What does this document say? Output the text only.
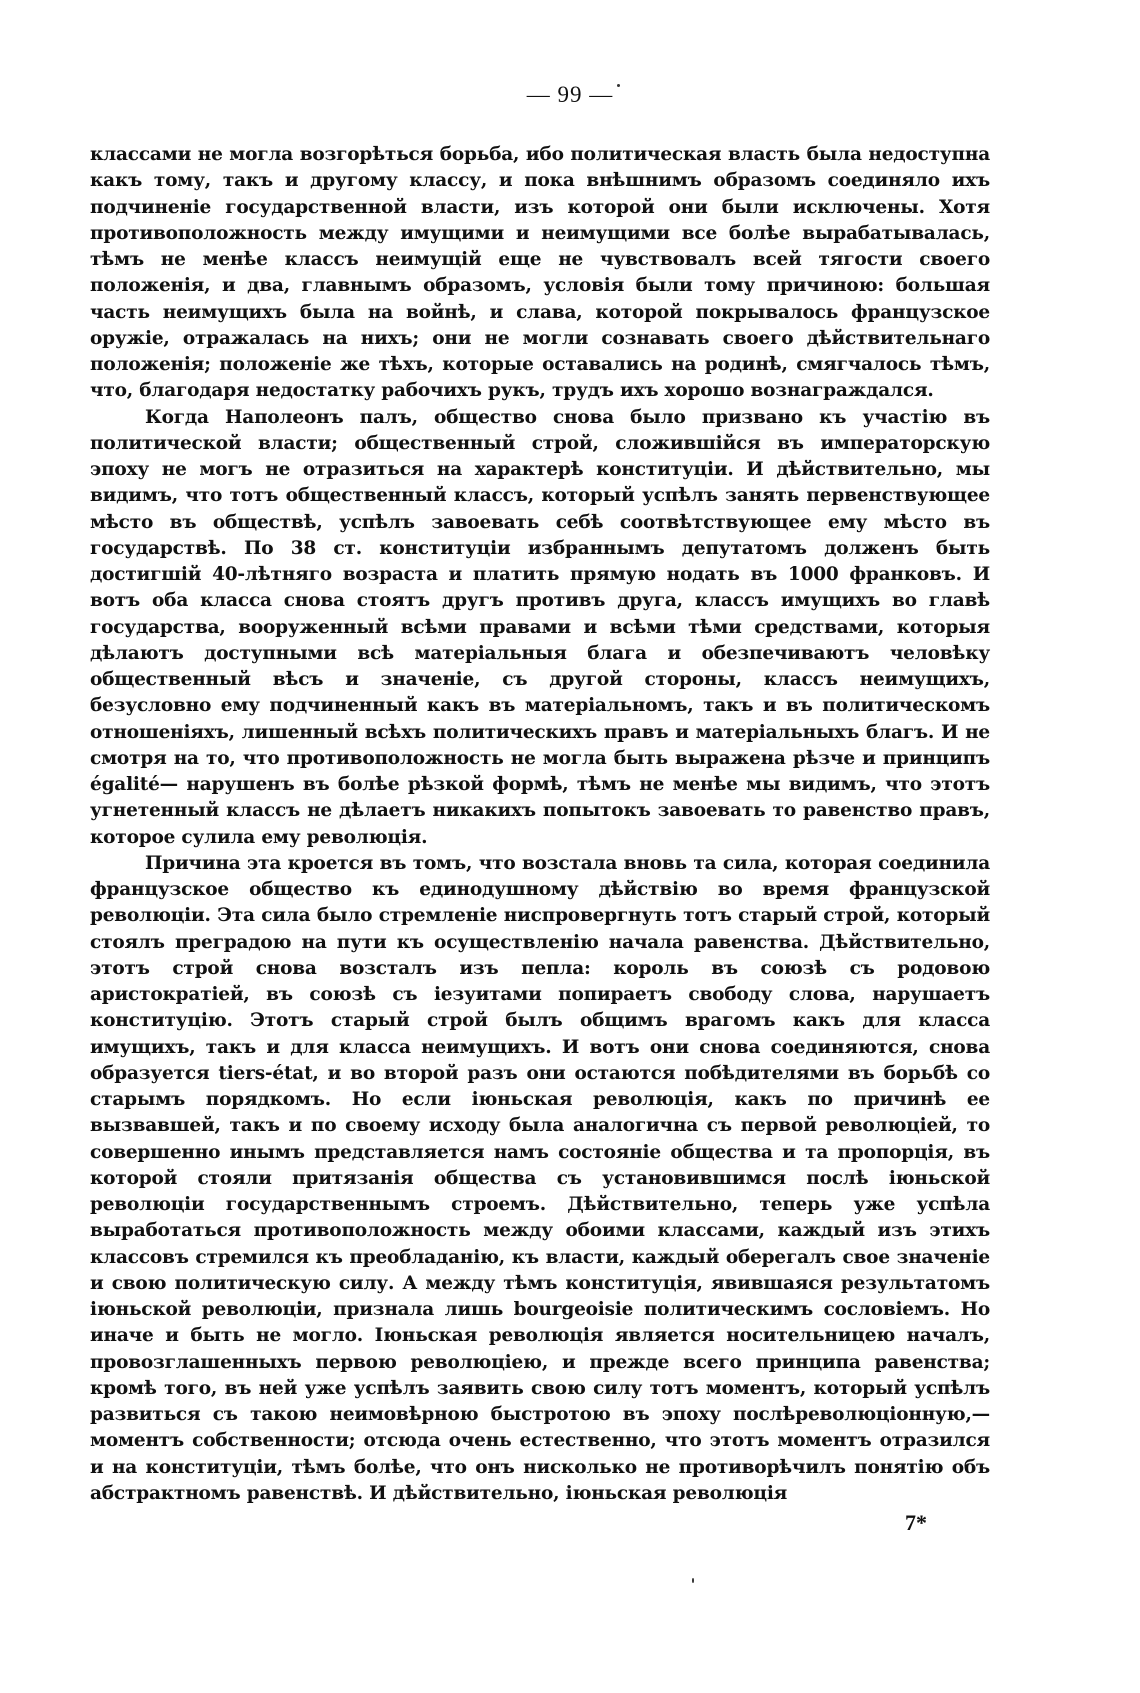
— 99 —

классами не могла возгорѣться борьба, ибо политическая власть была недоступна какъ тому, такъ и другому классу, и пока внѣшнимъ образомъ соединяло ихъ подчиненіе государственной власти, изъ которой они были исключены. Хотя противоположность между имущими и неимущими все болѣе вырабатывалась, тѣмъ не менѣе классъ неимущій еще не чувствовалъ всей тягости своего положенія, и два, главнымъ образомъ, условія были тому причиною: большая часть неимущихъ была на войнѣ, и слава, которой покрывалось французское оружіе, отражалась на нихъ; они не могли сознавать своего дѣйствительнаго положенія; положеніе же тѣхъ, которые оставались на родинѣ, смягчалось тѣмъ, что, благодаря недостатку рабочихъ рукъ, трудъ ихъ хорошо вознаграждался.

Когда Наполеонъ палъ, общество снова было призвано къ участію въ политической власти; общественный строй, сложившійся въ императорскую эпоху не могъ не отразиться на характерѣ конституціи. И дѣйствительно, мы видимъ, что тотъ общественный классъ, который успѣлъ занять первенствующее мѣсто въ обществѣ, успѣлъ завоевать себѣ соотвѣтствующее ему мѣсто въ государствѣ. По 38 ст. конституціи избраннымъ депутатомъ долженъ быть достигшій 40-лѣтняго возраста и платить прямую нодать въ 1000 франковъ. И вотъ оба класса снова стоятъ другъ противъ друга, классъ имущихъ во главѣ государства, вооруженный всѣми правами и всѣми тѣми средствами, которыя дѣлаютъ доступными всѣ матеріальныя блага и обезпечиваютъ человѣку общественный вѣсъ и значеніе, съ другой стороны, классъ неимущихъ, безусловно ему подчиненный какъ въ матеріальномъ, такъ и въ политическомъ отношеніяхъ, лишенный всѣхъ политическихъ правъ и матеріальныхъ благъ. И не смотря на то, что противоположность не могла быть выражена рѣзче и принципъ égalité— нарушенъ въ болѣе рѣзкой формѣ, тѣмъ не менѣе мы видимъ, что этотъ угнетенный классъ не дѣлаетъ никакихъ попытокъ завоевать то равенство правъ, которое сулила ему революція.

Причина эта кроется въ томъ, что возстала вновь та сила, которая соединила французское общество къ единодушному дѣйствію во время французской революціи. Эта сила было стремленіе ниспровергнуть тотъ старый строй, который стоялъ преградою на пути къ осуществленію начала равенства. Дѣйствительно, этотъ строй снова возсталъ изъ пепла: король въ союзѣ съ родовою аристократіей, въ союзѣ съ іезуитами попираетъ свободу слова, нарушаетъ конституцію. Этотъ старый строй былъ общимъ врагомъ какъ для класса имущихъ, такъ и для класса неимущихъ. И вотъ они снова соединяются, снова образуется tiers-état, и во второй разъ они остаются побѣдителями въ борьбѣ со старымъ порядкомъ. Но если іюньская революція, какъ по причинѣ ее вызвавшей, такъ и по своему исходу была аналогична съ первой революціей, то совершенно инымъ представляется намъ состояніе общества и та пропорція, въ которой стояли притязанія общества съ установившимся послѣ іюньской революціи государственнымъ строемъ. Дѣйствительно, теперь уже успѣла выработаться противоположность между обоими классами, каждый изъ этихъ классовъ стремился къ преобладанію, къ власти, каждый оберегалъ свое значеніе и свою политическую силу. А между тѣмъ конституція, явившаяся результатомъ іюньской революціи, признала лишь bourgeoisie политическимъ сословіемъ. Но иначе и быть не могло. Іюньская революція является носительницею началъ, провозглашенныхъ первою революціею, и прежде всего принципа равенства; кромѣ того, въ ней уже успѣлъ заявить свою силу тотъ моментъ, который успѣлъ развиться съ такою неимовѣрною быстротою въ эпоху послѣреволюціонную,—моментъ собственности; отсюда очень естественно, что этотъ моментъ отразился и на конституціи, тѣмъ болѣе, что онъ нисколько не противорѣчилъ понятію объ абстрактномъ равенствѣ. И дѣйствительно, іюньская революція

7*
